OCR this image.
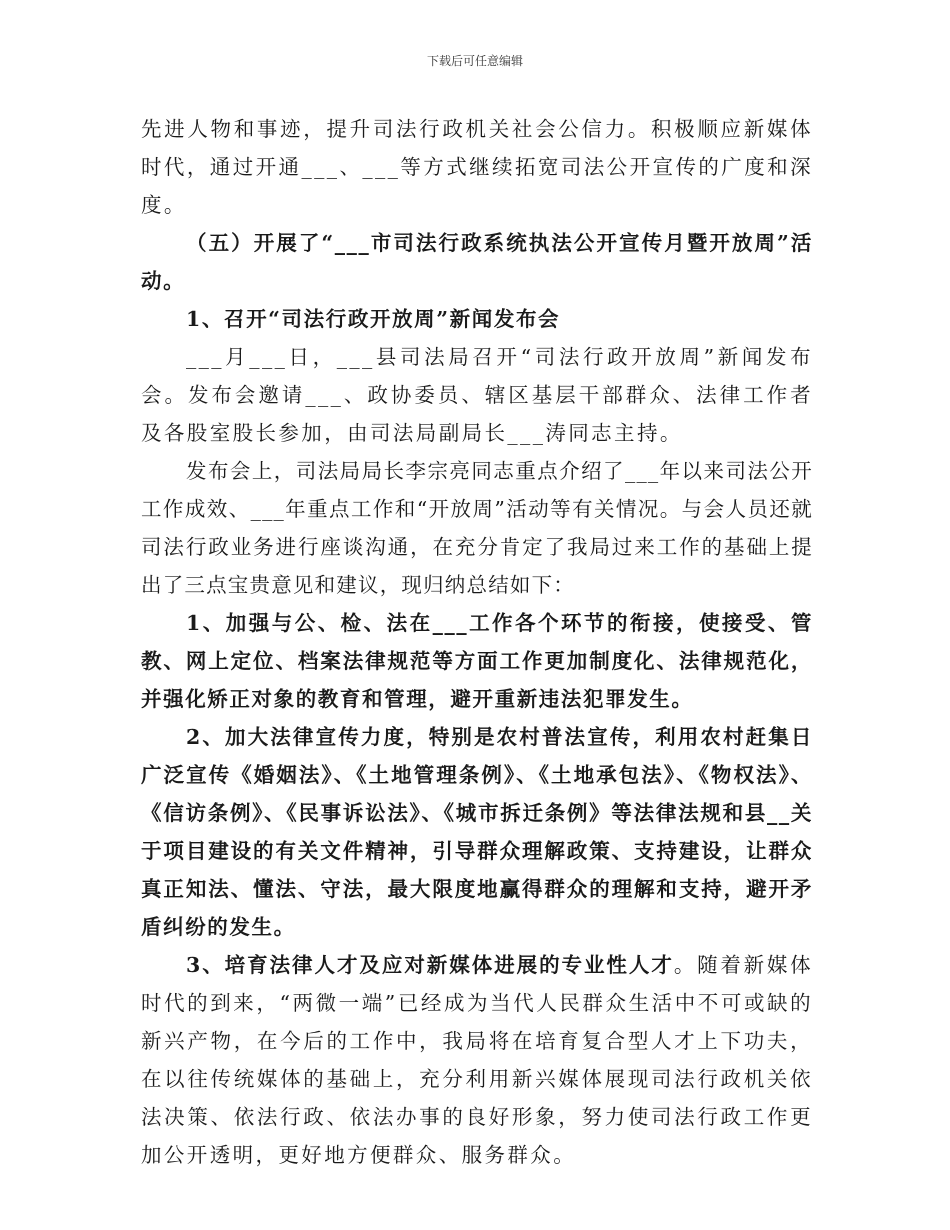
下载后可任意编辑

先进人物和事迹，提升司法行政机关社会公信力。积极顺应新媒体时代，通过开通___、___等方式继续拓宽司法公开宣传的广度和深度。

（五）开展了“___市司法行政系统执法公开宣传月暨开放周”活动。

1、召开“司法行政开放周”新闻发布会

___月___日，___县司法局召开“司法行政开放周”新闻发布会。发布会邀请___、政协委员、辖区基层干部群众、法律工作者及各股室股长参加，由司法局副局长___涛同志主持。

发布会上，司法局局长李宗亮同志重点介绍了___年以来司法公开工作成效、___年重点工作和“开放周”活动等有关情况。与会人员还就司法行政业务进行座谈沟通，在充分肯定了我局过来工作的基础上提出了三点宝贵意见和建议，现归纳总结如下：

1、加强与公、检、法在___工作各个环节的衔接，使接受、管教、网上定位、档案法律规范等方面工作更加制度化、法律规范化，并强化矫正对象的教育和管理，避开重新违法犯罪发生。

2、加大法律宣传力度，特别是农村普法宣传，利用农村赶集日广泛宣传《婚姻法》、《土地管理条例》、《土地承包法》、《物权法》、《信访条例》、《民事诉讼法》、《城市拆迁条例》等法律法规和县__关于项目建设的有关文件精神，引导群众理解政策、支持建设，让群众真正知法、懂法、守法，最大限度地赢得群众的理解和支持，避开矛盾纠纷的发生。

3、培育法律人才及应对新媒体进展的专业性人才。随着新媒体时代的到来，“两微一端”已经成为当代人民群众生活中不可或缺的新兴产物，在今后的工作中，我局将在培育复合型人才上下功夫，在以往传统媒体的基础上，充分利用新兴媒体展现司法行政机关依法决策、依法行政、依法办事的良好形象，努力使司法行政工作更加公开透明，更好地方便群众、服务群众。
